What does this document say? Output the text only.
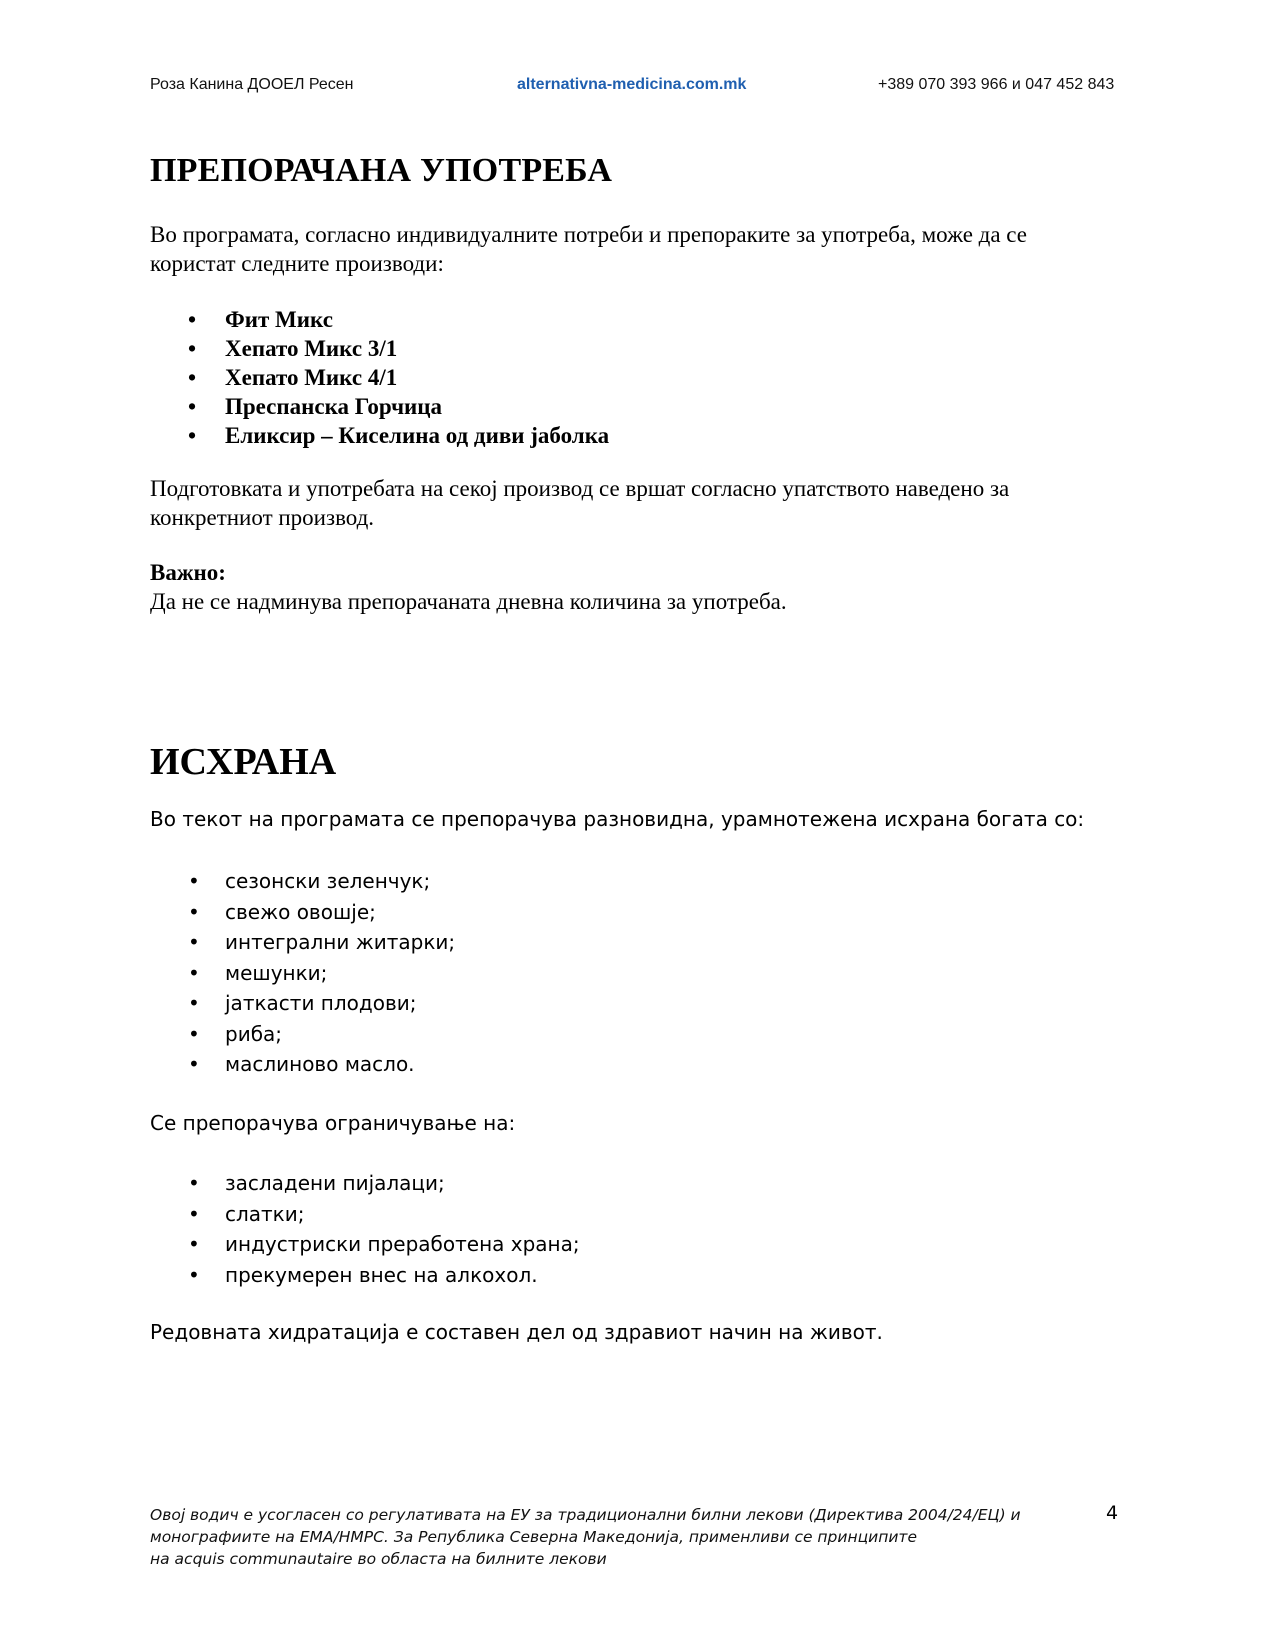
Роза Канина ДООЕЛ Ресен	alternativna-medicina.com.mk	+389 070 393 966 и 047 452 843
ПРЕПОРАЧАНА УПОТРЕБА

Во програмата, согласно индивидуалните потреби и препораките за употреба, може да се
користат следните производи:

• Фит Микс
• Хепато Микс 3/1
• Хепато Микс 4/1
• Преспанска Горчица
• Еликсир – Киселина од диви јаболка

Подготовката и употребата на секој производ се вршат согласно упатството наведено за
конкретниот производ.

Важно:
Да не се надминува препорачаната дневна количина за употреба.

ИСХРАНА

Во текот на програмата се препорачува разновидна, урамнотежена исхрана богата со:

• сезонски зеленчук;
• свежо овошје;
• интегрални житарки;
• мешунки;
• јаткасти плодови;
• риба;
• маслиново масло.

Се препорачува ограничување на:

• засладени пијалаци;
• слатки;
• индустриски преработена храна;
• прекумерен внес на алкохол.

Редовната хидратација е составен дел од здравиот начин на живот.

Овој водич е усогласен со регулативата на ЕУ за традиционални билни лекови (Директива 2004/24/ЕЦ) и
монографиите на ЕМА/HMPC. За Република Северна Македонија, применливи се принципите
на acquis communautaire во областа на билните лекови
4
